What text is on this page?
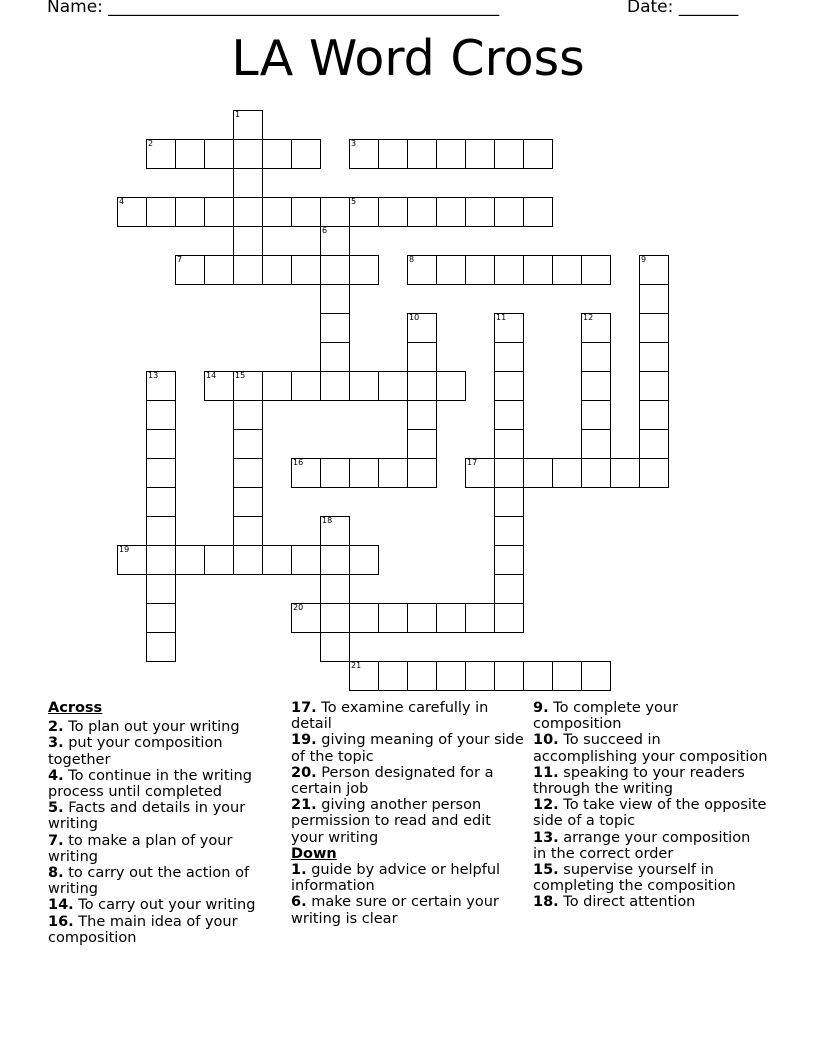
Name: ______________________________________________	Date: _______
LA Word Cross
2	3
4	5
7	8
14 15
16	17
19
20
21
1
6
9
10	11	12
13
18
Across
2. To plan out your writing
3. put your composition together
4. To continue in the writing process until completed
5. Facts and details in your writing
7. to make a plan of your writing
8. to carry out the action of writing
14. To carry out your writing
16. The main idea of your composition
17. To examine carefully in detail
19. giving meaning of your side of the topic
20. Person designated for a certain job
21. giving another person permission to read and edit your writing
Down
1. guide by advice or helpful information
6. make sure or certain your writing is clear
9. To complete your composition
10. To succeed in accomplishing your composition
11. speaking to your readers through the writing
12. To take view of the opposite side of a topic
13. arrange your composition in the correct order
15. supervise yourself in completing the composition
18. To direct attention
